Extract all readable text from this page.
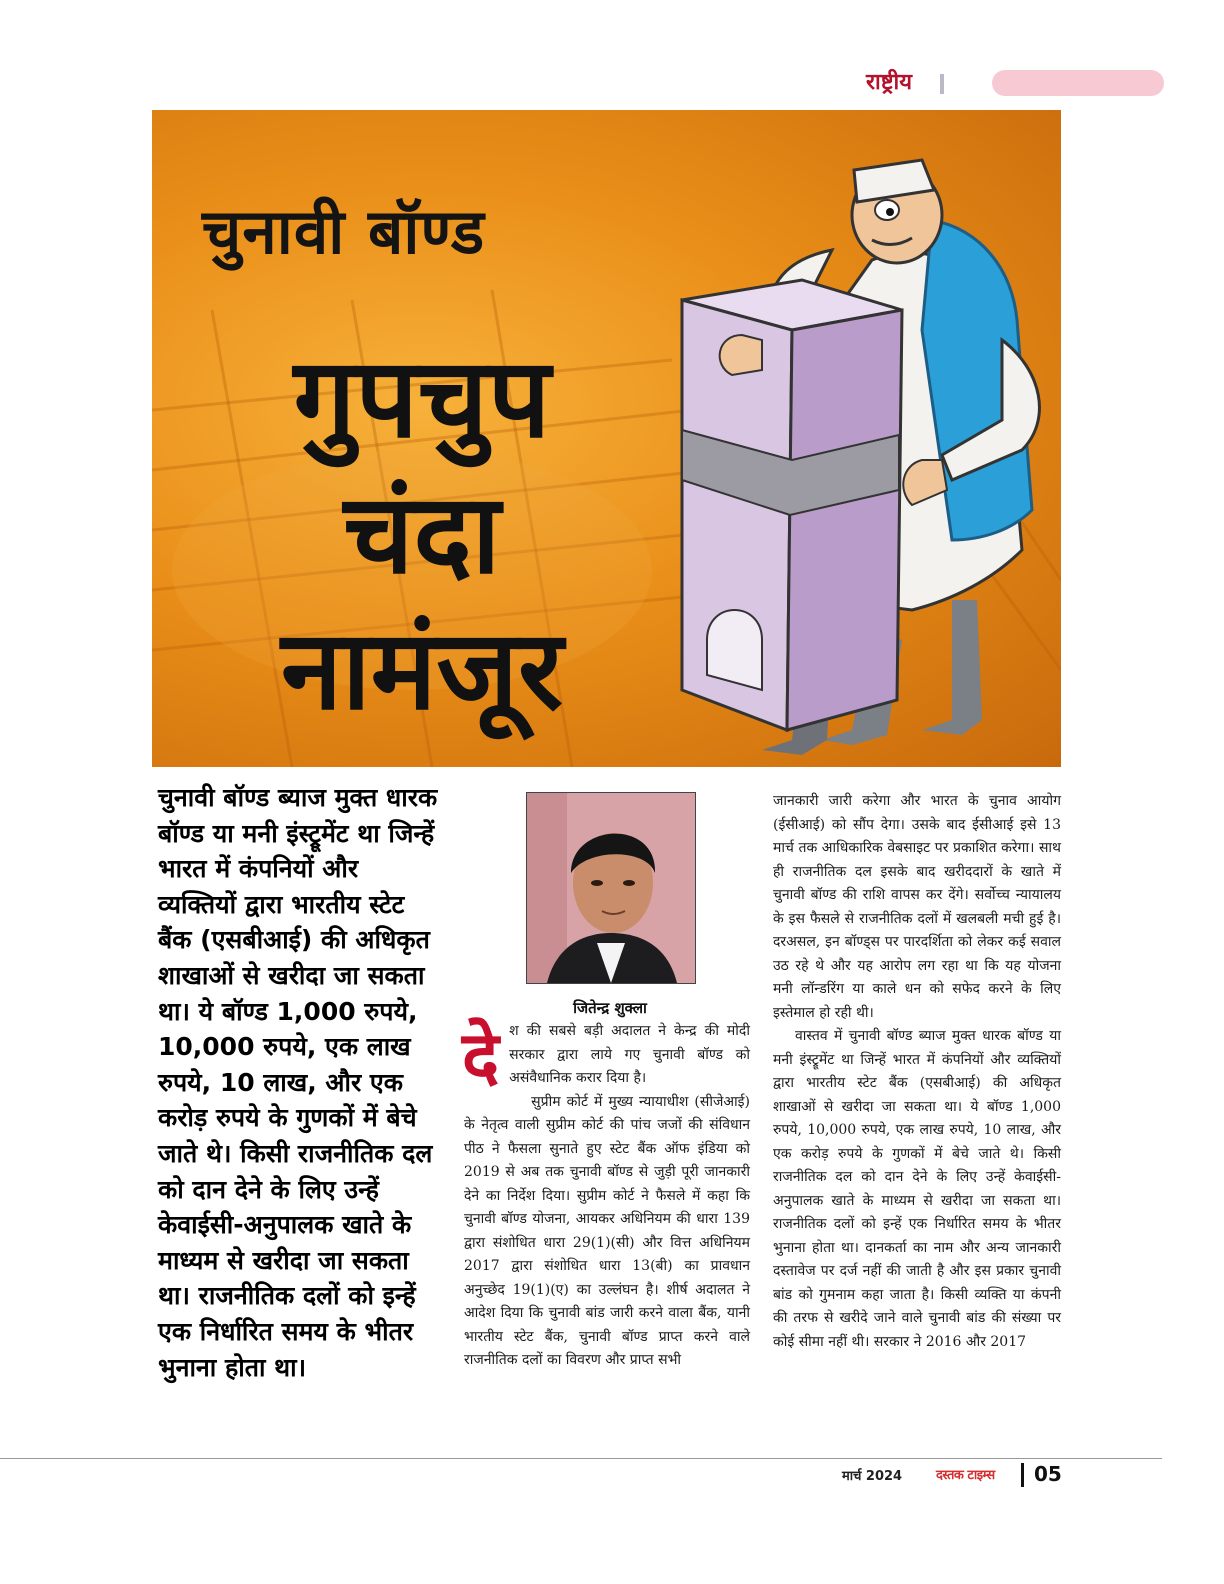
राष्ट्रीय
चुनावी बॉण्ड
गुपचुप
चंदा
नामंजूर
चुनावी बॉण्ड ब्याज मुक्त धारक बॉण्ड या मनी इंस्ट्रूमेंट था जिन्हें भारत में कंपनियों और व्यक्तियों द्वारा भारतीय स्टेट बैंक (एसबीआई) की अधिकृत शाखाओं से खरीदा जा सकता था। ये बॉण्ड 1,000 रुपये, 10,000 रुपये, एक लाख रुपये, 10 लाख, और एक करोड़ रुपये के गुणकों में बेचे जाते थे। किसी राजनीतिक दल को दान देने के लिए उन्हें केवाईसी-अनुपालक खाते के माध्यम से खरीदा जा सकता था। राजनीतिक दलों को इन्हें एक निर्धारित समय के भीतर भुनाना होता था।
जितेन्द्र शुक्ला

दे श की सबसे बड़ी अदालत ने केन्द्र की मोदी सरकार द्वारा लाये गए चुनावी बॉण्ड को असंवैधानिक करार दिया है।
सुप्रीम कोर्ट में मुख्य न्यायाधीश (सीजेआई) के नेतृत्व वाली सुप्रीम कोर्ट की पांच जजों की संविधान पीठ ने फैसला सुनाते हुए स्टेट बैंक ऑफ इंडिया को 2019 से अब तक चुनावी बॉण्ड से जुड़ी पूरी जानकारी देने का निर्देश दिया। सुप्रीम कोर्ट ने फैसले में कहा कि चुनावी बॉण्ड योजना, आयकर अधिनियम की धारा 139 द्वारा संशोधित धारा 29(1)(सी) और वित्त अधिनियम 2017 द्वारा संशोधित धारा 13(बी) का प्रावधान अनुच्छेद 19(1)(ए) का उल्लंघन है। शीर्ष अदालत ने आदेश दिया कि चुनावी बांड जारी करने वाला बैंक, यानी भारतीय स्टेट बैंक, चुनावी बॉण्ड प्राप्त करने वाले राजनीतिक दलों का विवरण और प्राप्त सभी

जानकारी जारी करेगा और भारत के चुनाव आयोग (ईसीआई) को सौंप देगा। उसके बाद ईसीआई इसे 13 मार्च तक आधिकारिक वेबसाइट पर प्रकाशित करेगा। साथ ही राजनीतिक दल इसके बाद खरीददारों के खाते में चुनावी बॉण्ड की राशि वापस कर देंगे। सर्वोच्च न्यायालय के इस फैसले से राजनीतिक दलों में खलबली मची हुई है। दरअसल, इन बॉण्ड्स पर पारदर्शिता को लेकर कई सवाल उठ रहे थे और यह आरोप लग रहा था कि यह योजना मनी लॉन्डरिंग या काले धन को सफेद करने के लिए इस्तेमाल हो रही थी।

वास्तव में चुनावी बॉण्ड ब्याज मुक्त धारक बॉण्ड या मनी इंस्ट्रूमेंट था जिन्हें भारत में कंपनियों और व्यक्तियों द्वारा भारतीय स्टेट बैंक (एसबीआई) की अधिकृत शाखाओं से खरीदा जा सकता था। ये बॉण्ड 1,000 रुपये, 10,000 रुपये, एक लाख रुपये, 10 लाख, और एक करोड़ रुपये के गुणकों में बेचे जाते थे। किसी राजनीतिक दल को दान देने के लिए उन्हें केवाईसी-अनुपालक खाते के माध्यम से खरीदा जा सकता था। राजनीतिक दलों को इन्हें एक निर्धारित समय के भीतर भुनाना होता था। दानकर्ता का नाम और अन्य जानकारी दस्तावेज पर दर्ज नहीं की जाती है और इस प्रकार चुनावी बांड को गुमनाम कहा जाता है। किसी व्यक्ति या कंपनी की तरफ से खरीदे जाने वाले चुनावी बांड की संख्या पर कोई सीमा नहीं थी। सरकार ने 2016 और 2017

मार्च 2024	दस्तक टाइम्स 05
